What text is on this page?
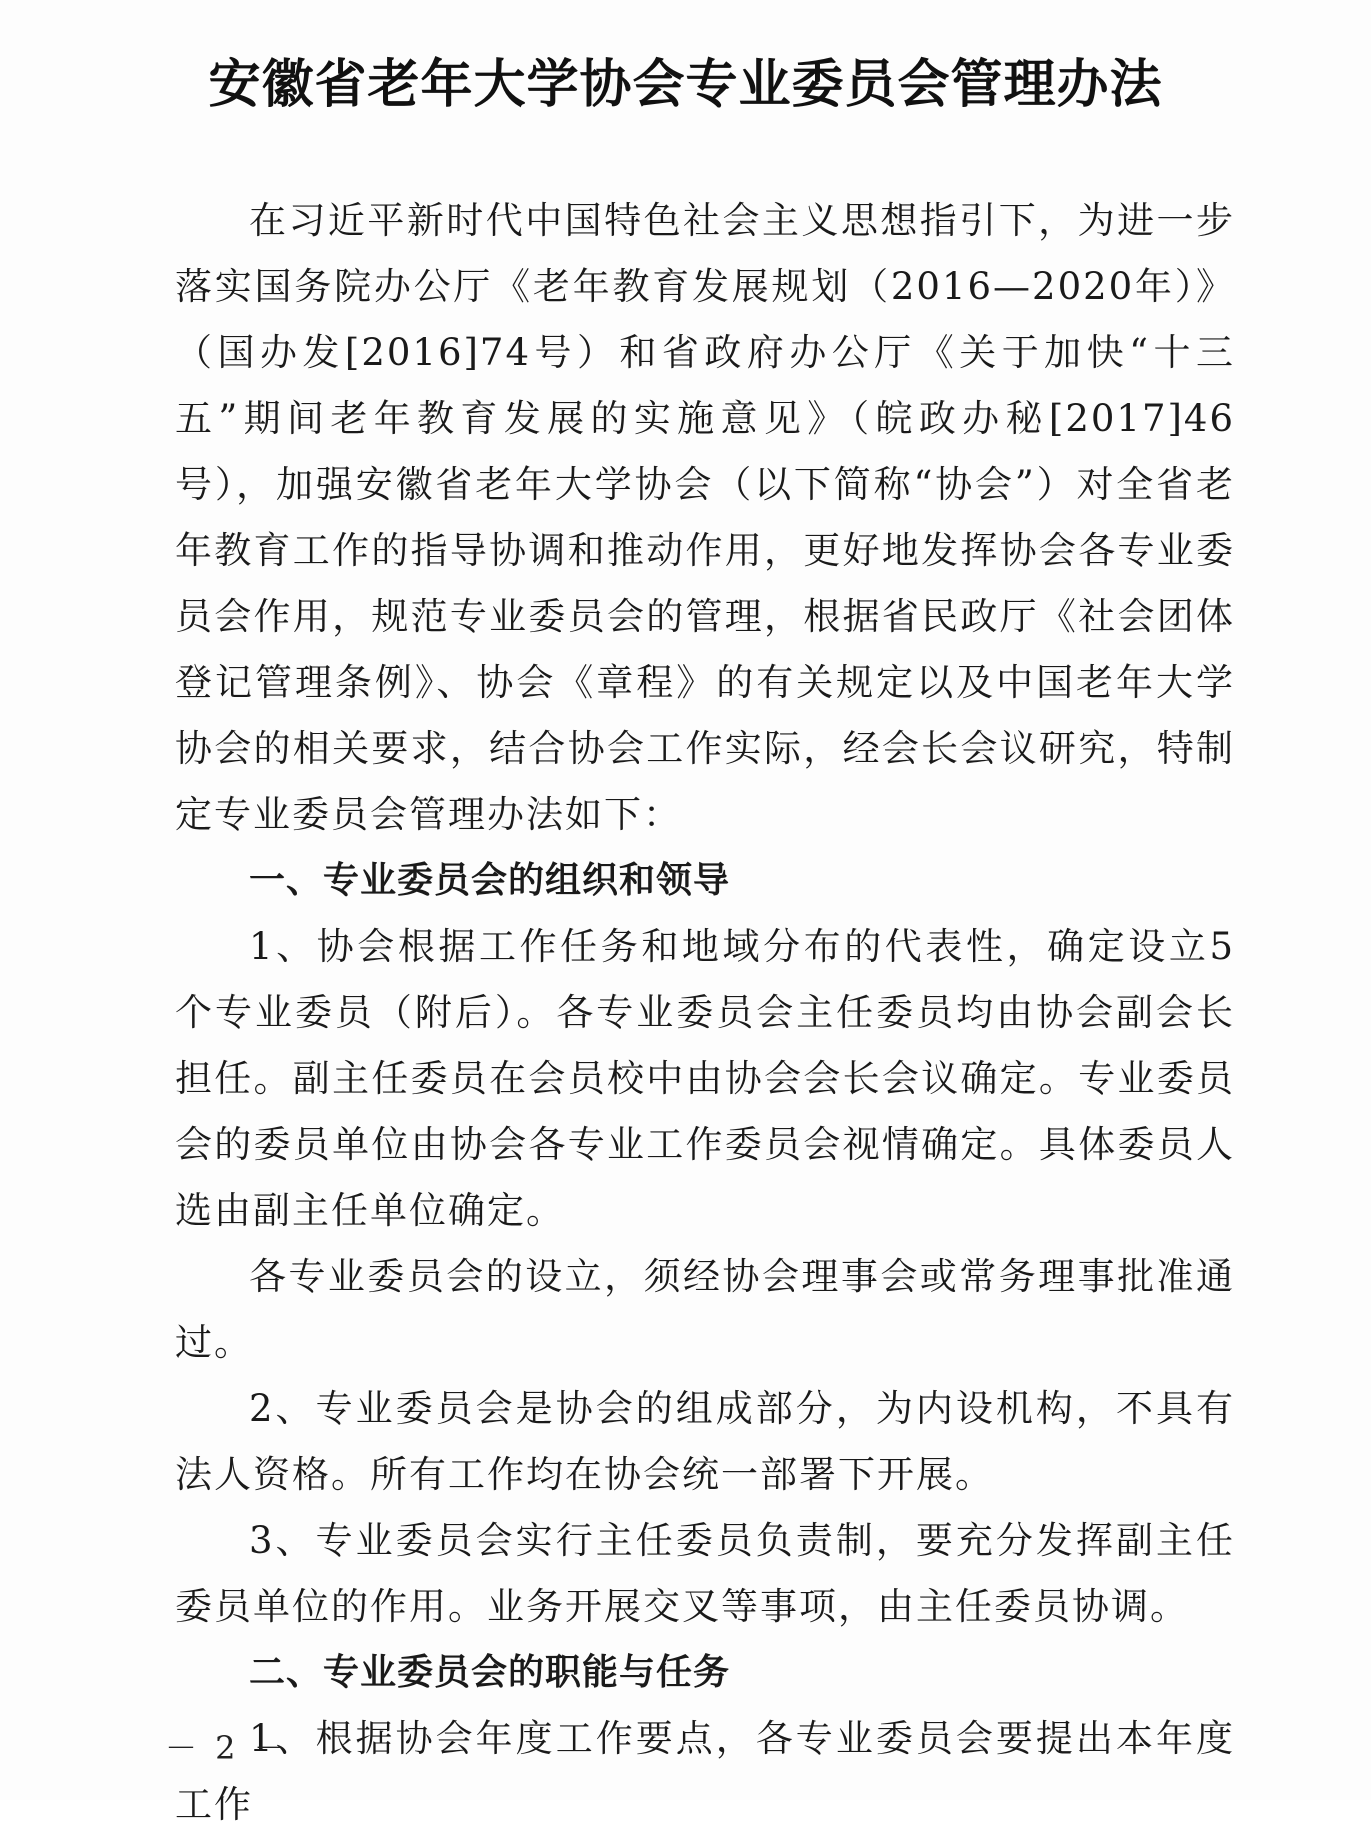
安徽省老年大学协会专业委员会管理办法

在习近平新时代中国特色社会主义思想指引下，为进一步落实国务院办公厅《老年教育发展规划（2016—2020年）》（国办发[2016]74号）和省政府办公厅《关于加快“十三五”期间老年教育发展的实施意见》（皖政办秘[2017]46号），加强安徽省老年大学协会（以下简称“协会”）对全省老年教育工作的指导协调和推动作用，更好地发挥协会各专业委员会作用，规范专业委员会的管理，根据省民政厅《社会团体登记管理条例》、协会《章程》的有关规定以及中国老年大学协会的相关要求，结合协会工作实际，经会长会议研究，特制定专业委员会管理办法如下：

一、专业委员会的组织和领导

1、协会根据工作任务和地域分布的代表性，确定设立5个专业委员（附后）。各专业委员会主任委员均由协会副会长担任。副主任委员在会员校中由协会会长会议确定。专业委员会的委员单位由协会各专业工作委员会视情确定。具体委员人选由副主任单位确定。

各专业委员会的设立，须经协会理事会或常务理事批准通过。

2、专业委员会是协会的组成部分，为内设机构，不具有法人资格。所有工作均在协会统一部署下开展。

3、专业委员会实行主任委员负责制，要充分发挥副主任委员单位的作用。业务开展交叉等事项，由主任委员协调。

二、专业委员会的职能与任务

1、根据协会年度工作要点，各专业委员会要提出本年度工作

－ 2 －
